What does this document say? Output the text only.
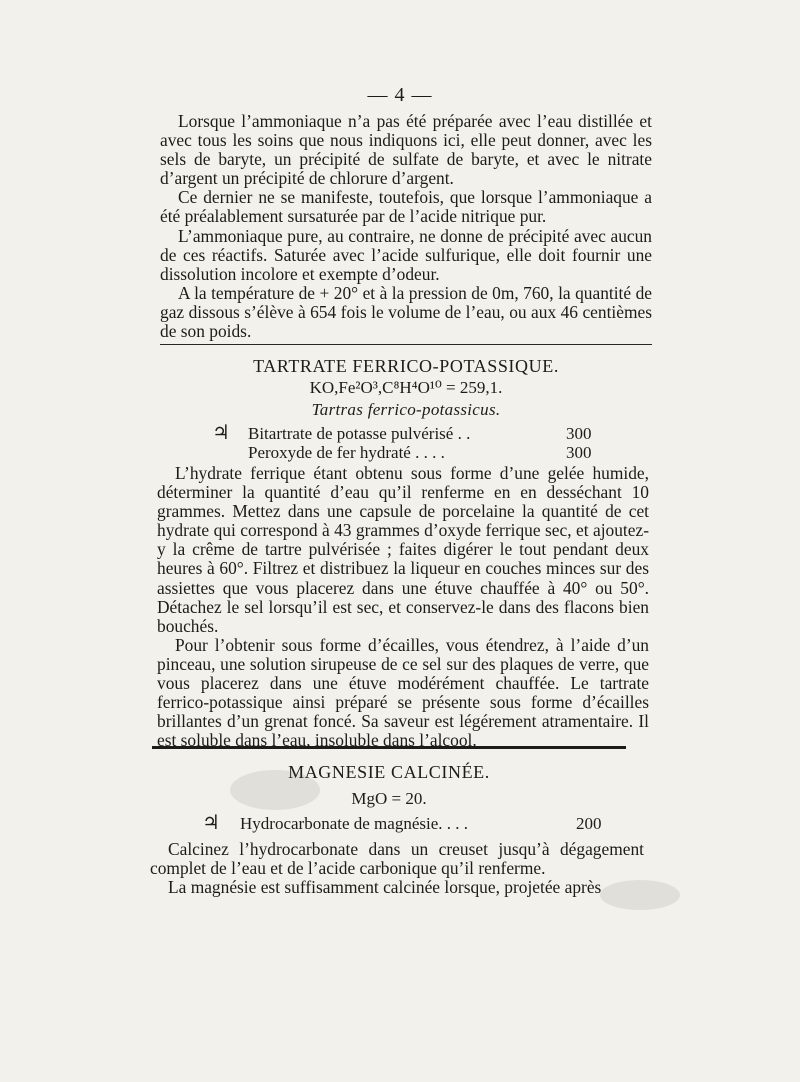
— 4 —

Lorsque l’ammoniaque n’a pas été préparée avec l’eau distillée et avec tous les soins que nous indiquons ici, elle peut donner, avec les sels de baryte, un précipité de sulfate de baryte, et avec le nitrate d’argent un précipité de chlorure d’argent.

Ce dernier ne se manifeste, toutefois, que lorsque l’ammoniaque a été préalablement sursaturée par de l’acide nitrique pur.

L’ammoniaque pure, au contraire, ne donne de précipité avec aucun de ces réactifs. Saturée avec l’acide sulfurique, elle doit fournir une dissolution incolore et exempte d’odeur.

A la température de + 20° et à la pression de 0m, 760, la quantité de gaz dissous s’élève à 654 fois le volume de l’eau, ou aux 46 centièmes de son poids.

TARTRATE FERRICO-POTASSIQUE.
KO,Fe²O³,C⁸H⁴O¹⁰ = 259,1.
Tartras ferrico-potassicus.
♃ Bitartrate de potasse pulvérisé . .	300
Peroxyde de fer hydraté . . . .	300

L’hydrate ferrique étant obtenu sous forme d’une gelée humide, déterminer la quantité d’eau qu’il renferme en en desséchant 10 grammes. Mettez dans une capsule de porcelaine la quantité de cet hydrate qui correspond à 43 grammes d’oxyde ferrique sec, et ajoutez-y la crême de tartre pulvérisée ; faites digérer le tout pendant deux heures à 60°. Filtrez et distribuez la liqueur en couches minces sur des assiettes que vous placerez dans une étuve chauffée à 40° ou 50°. Détachez le sel lorsqu’il est sec, et conservez-le dans des flacons bien bouchés.

Pour l’obtenir sous forme d’écailles, vous étendrez, à l’aide d’un pinceau, une solution sirupeuse de ce sel sur des plaques de verre, que vous placerez dans une étuve modérément chauffée. Le tartrate ferrico-potassique ainsi préparé se présente sous forme d’écailles brillantes d’un grenat foncé. Sa saveur est légérement atramentaire. Il est soluble dans l’eau, insoluble dans l’alcool.

MAGNESIE CALCINÉE.
MgO = 20.
♃ Hydrocarbonate de magnésie. . . .	200

Calcinez l’hydrocarbonate dans un creuset jusqu’à dégagement complet de l’eau et de l’acide carbonique qu’il renferme.

La magnésie est suffisamment calcinée lorsque, projetée après
